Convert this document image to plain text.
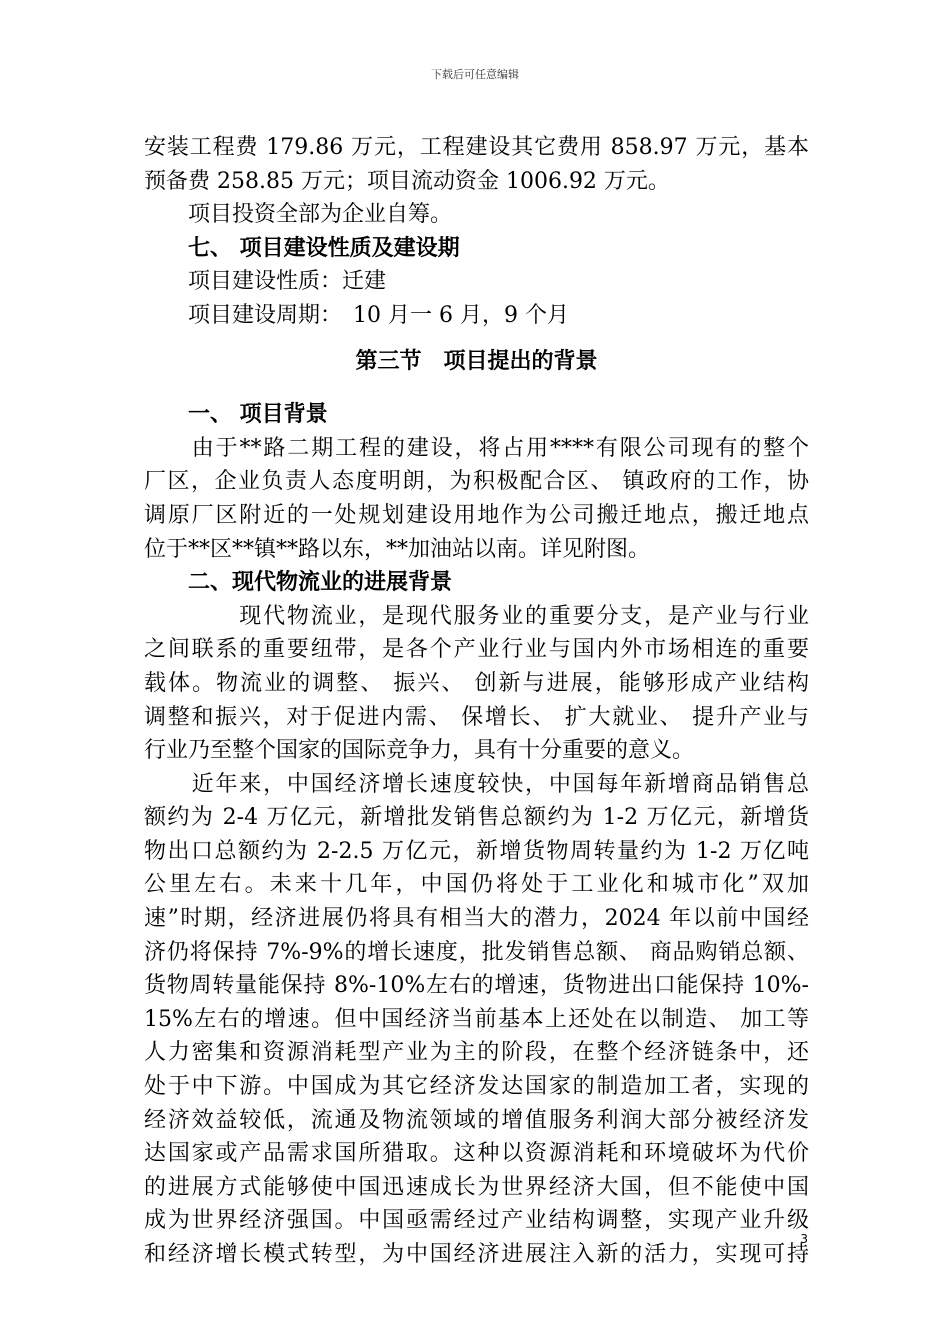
下载后可任意编辑
安装工程费 179.86 万元，工程建设其它费用 858.97 万元，基本
预备费 258.85 万元；项目流动资金 1006.92 万元。
　　项目投资全部为企业自筹。
　　七、 项目建设性质及建设期
　　项目建设性质：迁建
　　项目建设周期：　10 月一 6 月，9 个月
第三节　项目提出的背景
　　一、 项目背景
　　由于**路二期工程的建设，将占用****有限公司现有的整个
厂区，企业负责人态度明朗，为积极配合区、 镇政府的工作，协
调原厂区附近的一处规划建设用地作为公司搬迁地点，搬迁地点
位于**区**镇**路以东，**加油站以南。详见附图。
　　二、现代物流业的进展背景
　　　　现代物流业，是现代服务业的重要分支，是产业与行业
之间联系的重要纽带，是各个产业行业与国内外市场相连的重要
载体。物流业的调整、 振兴、 创新与进展，能够形成产业结构
调整和振兴，对于促进内需、 保增长、 扩大就业、 提升产业与
行业乃至整个国家的国际竞争力，具有十分重要的意义。
　　近年来，中国经济增长速度较快，中国每年新增商品销售总
额约为 2-4 万亿元，新增批发销售总额约为 1-2 万亿元，新增货
物出口总额约为 2-2.5 万亿元，新增货物周转量约为 1-2 万亿吨
公里左右。未来十几年，中国仍将处于工业化和城市化”双加
速”时期，经济进展仍将具有相当大的潜力，2024 年以前中国经
济仍将保持 7%-9%的增长速度，批发销售总额、 商品购销总额、
货物周转量能保持 8%-10%左右的增速，货物进出口能保持 10%-
15%左右的增速。但中国经济当前基本上还处在以制造、 加工等
人力密集和资源消耗型产业为主的阶段，在整个经济链条中，还
处于中下游。中国成为其它经济发达国家的制造加工者，实现的
经济效益较低，流通及物流领域的增值服务利润大部分被经济发
达国家或产品需求国所猎取。这种以资源消耗和环境破坏为代价
的进展方式能够使中国迅速成长为世界经济大国，但不能使中国
成为世界经济强国。中国亟需经过产业结构调整，实现产业升级
和经济增长模式转型，为中国经济进展注入新的活力，实现可持
3
